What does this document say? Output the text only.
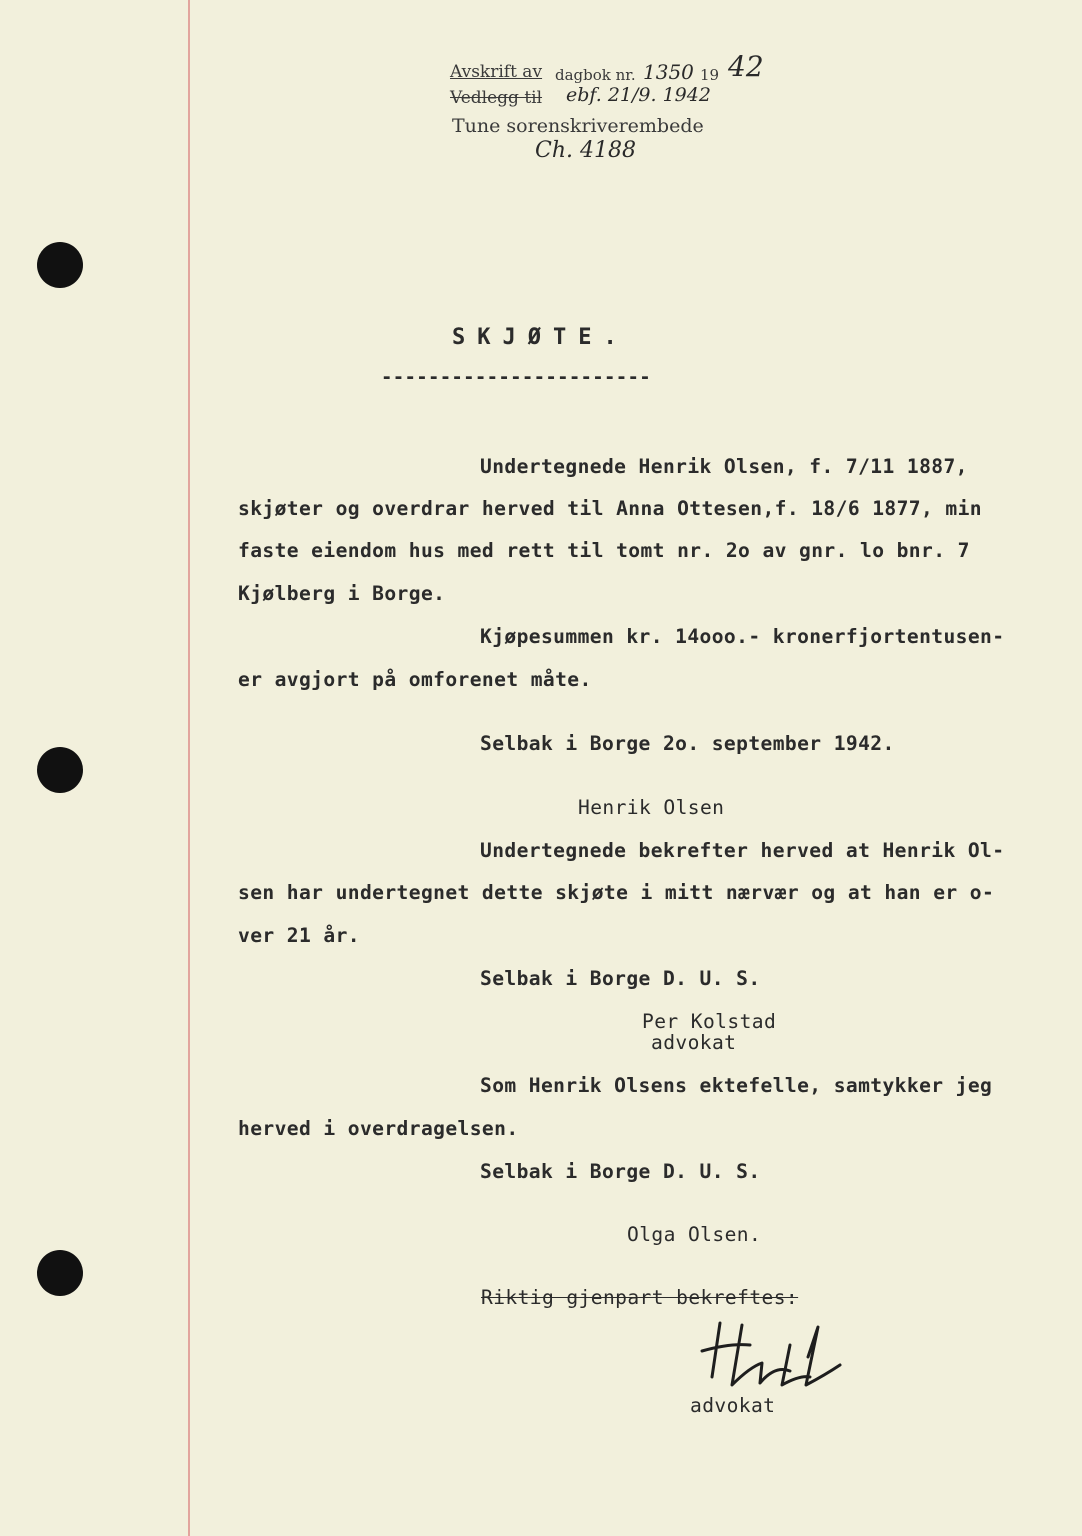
Avskrift av dagbok nr. 1350 19 42
Vedlegg til ebf. 21/9. 1942
Tune sorenskriverembede
Ch. 4188
SKJØTE.
-----------------------
Undertegnede Henrik Olsen, f. 7/11 1887,
skjøter og overdrar herved til Anna Ottesen,f. 18/6 1877, min
faste eiendom hus med rett til tomt nr. 2o av gnr. lo bnr. 7
Kjølberg i Borge.
Kjøpesummen kr. 14ooo.- kronerfjortentusen-
er avgjort på omforenet måte.
Selbak i Borge 2o. september 1942.
Henrik Olsen
Undertegnede bekrefter herved at Henrik Ol-
sen har undertegnet dette skjøte i mitt nærvær og at han er o-
ver 21 år.
Selbak i Borge D. U. S.
Per Kolstad
advokat
Som Henrik Olsens ektefelle, samtykker jeg
herved i overdragelsen.
Selbak i Borge D. U. S.
Olga Olsen.
Riktig gjenpart bekreftes:
advokat
